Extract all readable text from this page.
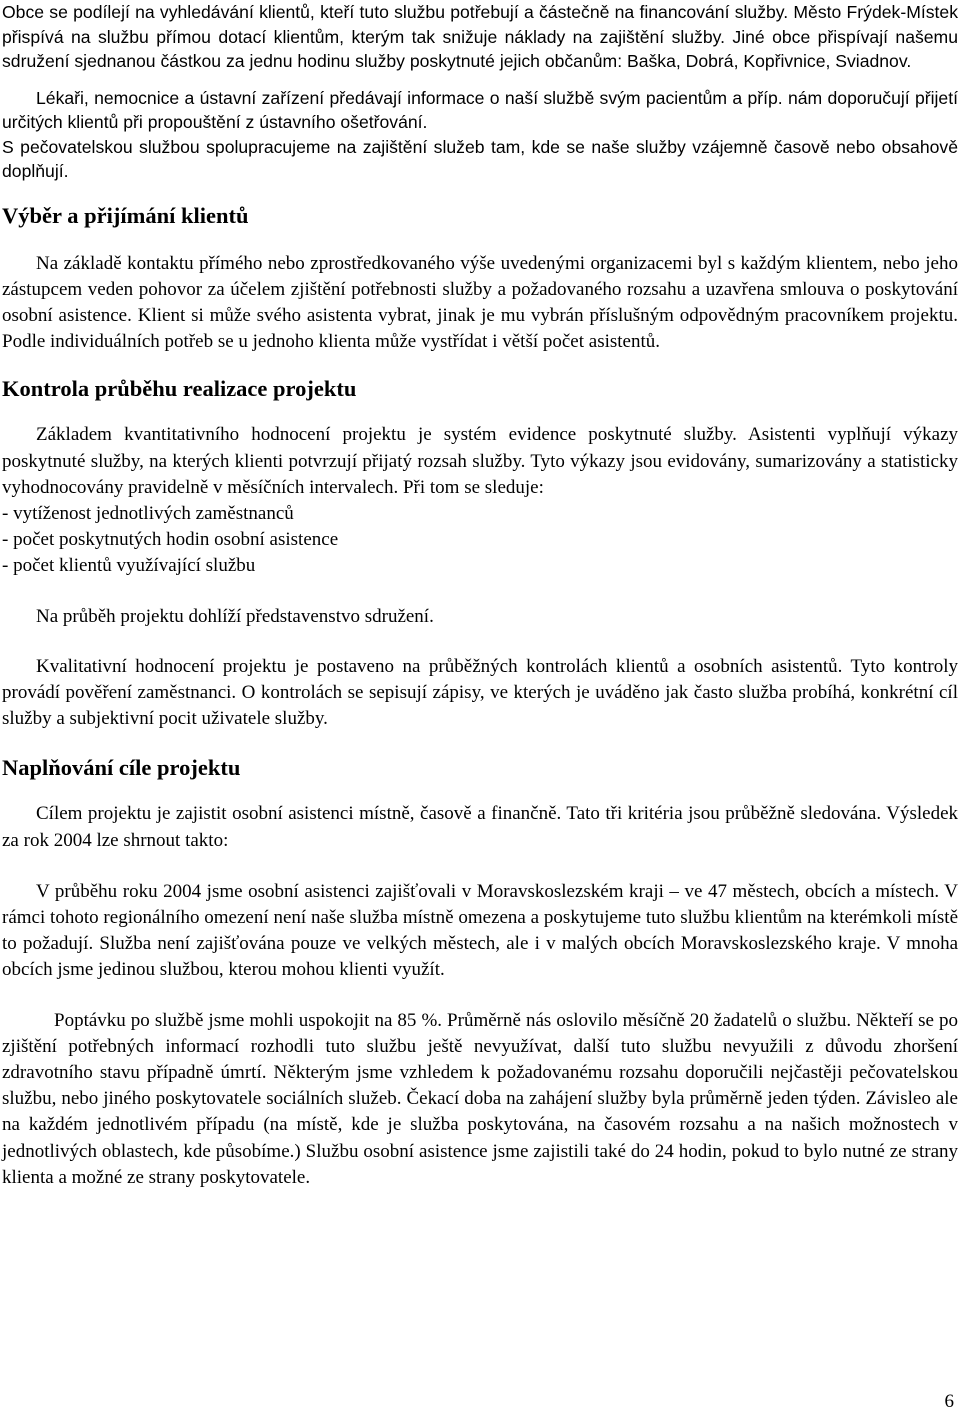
Obce se podílejí na vyhledávání klientů, kteří tuto službu potřebují a částečně na financování služby. Město Frýdek-Místek přispívá na službu přímou dotací klientům, kterým tak snižuje náklady na zajištění služby. Jiné obce přispívají našemu sdružení sjednanou částkou za jednu hodinu služby poskytnuté jejich občanům: Baška, Dobrá, Kopřivnice, Sviadnov.

Lékaři, nemocnice a ústavní zařízení předávají informace o naší službě svým pacientům a příp. nám doporučují přijetí určitých klientů při propouštění z ústavního ošetřování.

S pečovatelskou službou spolupracujeme na zajištění služeb tam, kde se naše služby vzájemně časově nebo obsahově doplňují.

Výběr a přijímání klientů

Na základě kontaktu přímého nebo zprostředkovaného výše uvedenými organizacemi byl s každým klientem, nebo jeho zástupcem veden pohovor za účelem zjištění potřebnosti služby a požadovaného rozsahu a uzavřena smlouva o poskytování osobní asistence. Klient si může svého asistenta vybrat, jinak je mu vybrán příslušným odpovědným pracovníkem projektu. Podle individuálních potřeb se u jednoho klienta může vystřídat i větší počet asistentů.

Kontrola průběhu realizace projektu

Základem kvantitativního hodnocení projektu je systém evidence poskytnuté služby. Asistenti vyplňují výkazy poskytnuté služby, na kterých klienti potvrzují přijatý rozsah služby. Tyto výkazy jsou evidovány, sumarizovány a statisticky vyhodnocovány pravidelně v měsíčních intervalech. Při tom se sleduje:

- vytíženost jednotlivých zaměstnanců
- počet poskytnutých hodin osobní asistence
- počet klientů využívající službu

Na průběh projektu dohlíží představenstvo sdružení.

Kvalitativní hodnocení projektu je postaveno na průběžných kontrolách klientů a osobních asistentů. Tyto kontroly provádí pověření zaměstnanci. O kontrolách se sepisují zápisy, ve kterých je uváděno jak často služba probíhá, konkrétní cíl služby a subjektivní pocit uživatele služby.

Naplňování cíle projektu

Cílem projektu je zajistit osobní asistenci místně, časově a finančně. Tato tři kritéria jsou průběžně sledována. Výsledek za rok 2004 lze shrnout takto:

V průběhu roku 2004 jsme osobní asistenci zajišťovali v Moravskoslezském kraji – ve 47 městech, obcích a místech. V rámci tohoto regionálního omezení není naše služba místně omezena a poskytujeme tuto službu klientům na kterémkoli místě to požadují. Služba není zajišťována pouze ve velkých městech, ale i v malých obcích Moravskoslezského kraje. V mnoha obcích jsme jedinou službou, kterou mohou klienti využít.

Poptávku po službě jsme mohli uspokojit na 85 %. Průměrně nás oslovilo měsíčně 20 žadatelů o službu. Někteří se po zjištění potřebných informací rozhodli tuto službu ještě nevyužívat, další tuto službu nevyužili z důvodu zhoršení zdravotního stavu případně úmrtí. Některým jsme vzhledem k požadovanému rozsahu doporučili nejčastěji pečovatelskou službu, nebo jiného poskytovatele sociálních služeb. Čekací doba na zahájení služby byla průměrně jeden týden. Závisleo ale na každém jednotlivém případu (na místě, kde je služba poskytována, na časovém rozsahu a na našich možnostech v jednotlivých oblastech, kde působíme.) Službu osobní asistence jsme zajistili také do 24 hodin, pokud to bylo nutné ze strany klienta a možné ze strany poskytovatele.

6
